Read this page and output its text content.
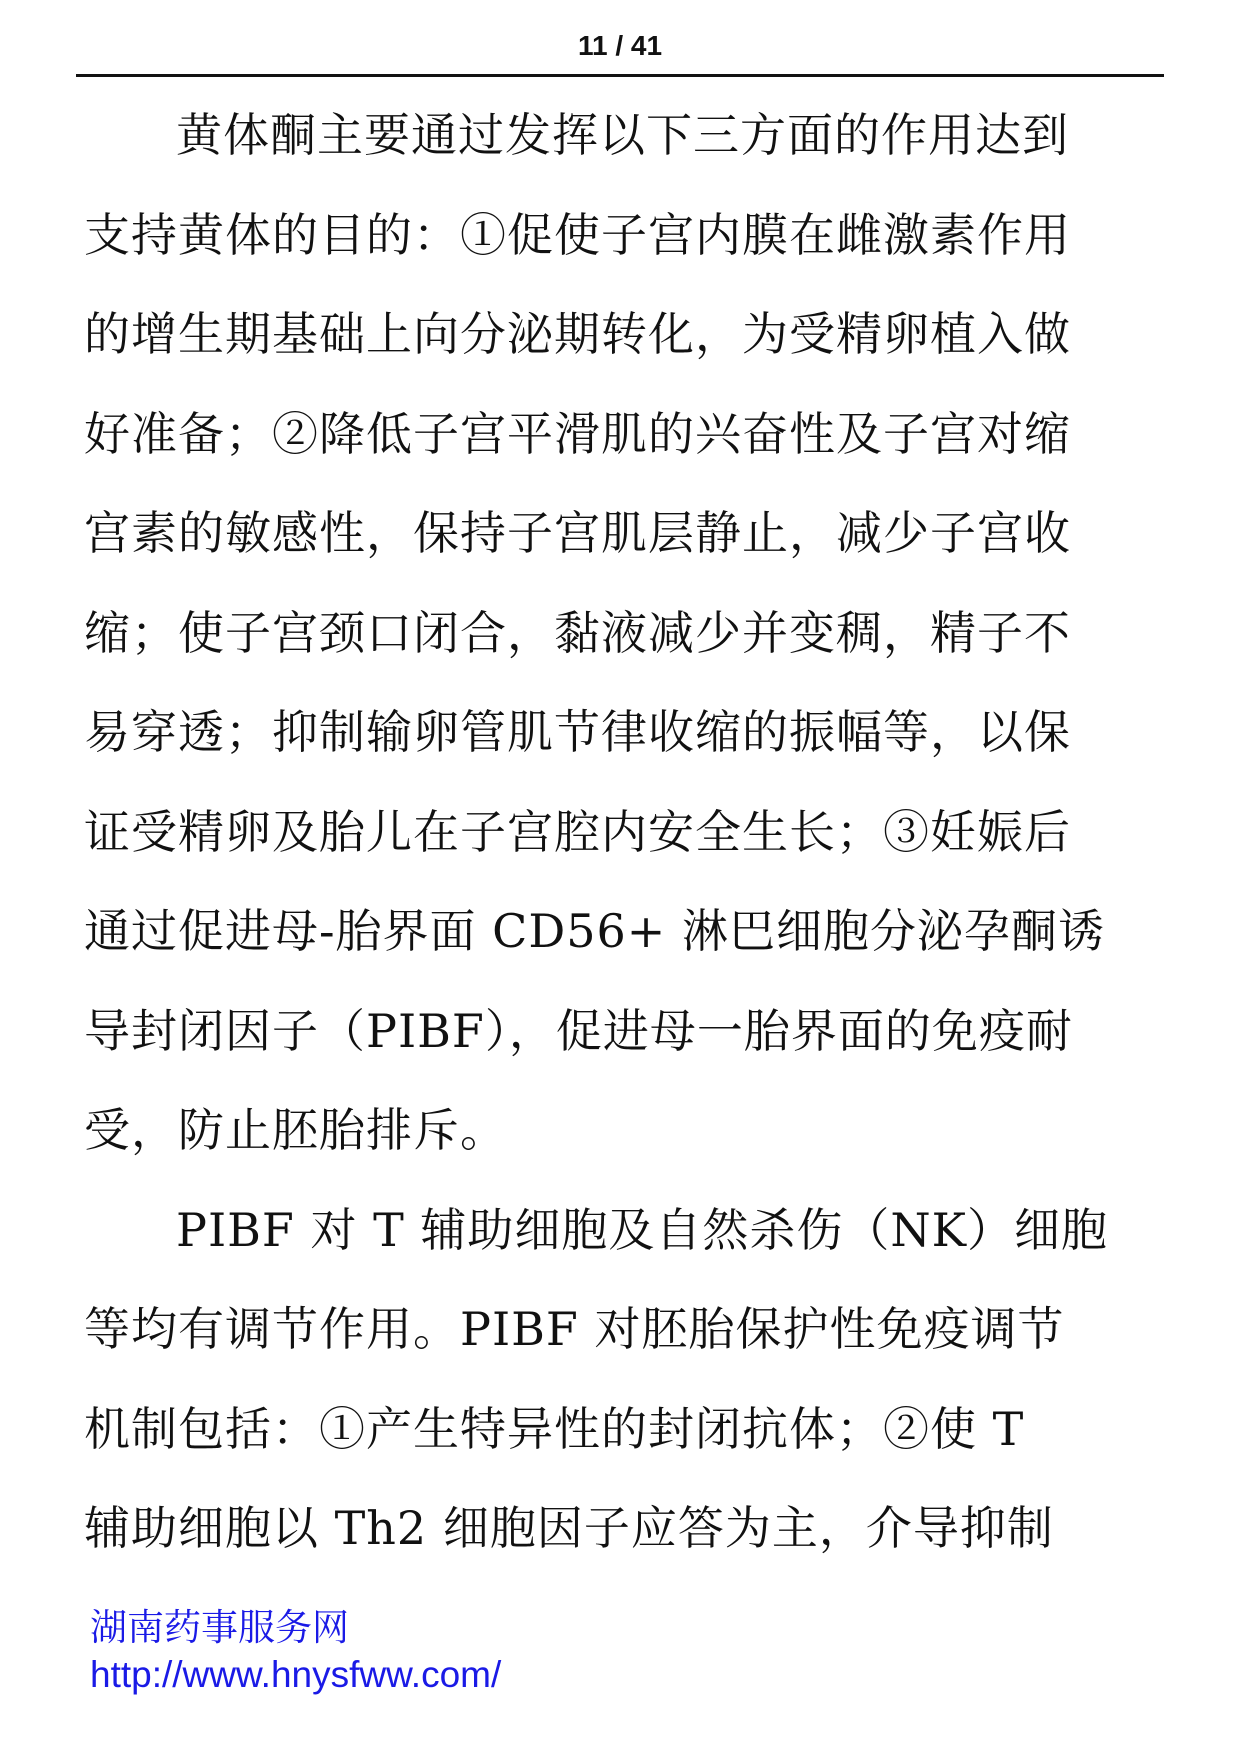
11 / 41

黄体酮主要通过发挥以下三方面的作用达到

支持黄体的目的：①促使子宫内膜在雌激素作用

的增生期基础上向分泌期转化，为受精卵植入做

好准备；②降低子宫平滑肌的兴奋性及子宫对缩

宫素的敏感性，保持子宫肌层静止，减少子宫收

缩；使子宫颈口闭合，黏液减少并变稠，精子不

易穿透；抑制输卵管肌节律收缩的振幅等，以保

证受精卵及胎儿在子宫腔内安全生长；③妊娠后

通过促进母-胎界面 CD56+ 淋巴细胞分泌孕酮诱

导封闭因子（PIBF），促进母一胎界面的免疫耐

受，防止胚胎排斥。

PIBF 对 T 辅助细胞及自然杀伤（NK）细胞

等均有调节作用。PIBF 对胚胎保护性免疫调节

机制包括：①产生特异性的封闭抗体；②使 T

辅助细胞以 Th2 细胞因子应答为主，介导抑制

湖南药事服务网
http://www.hnysfww.com/
